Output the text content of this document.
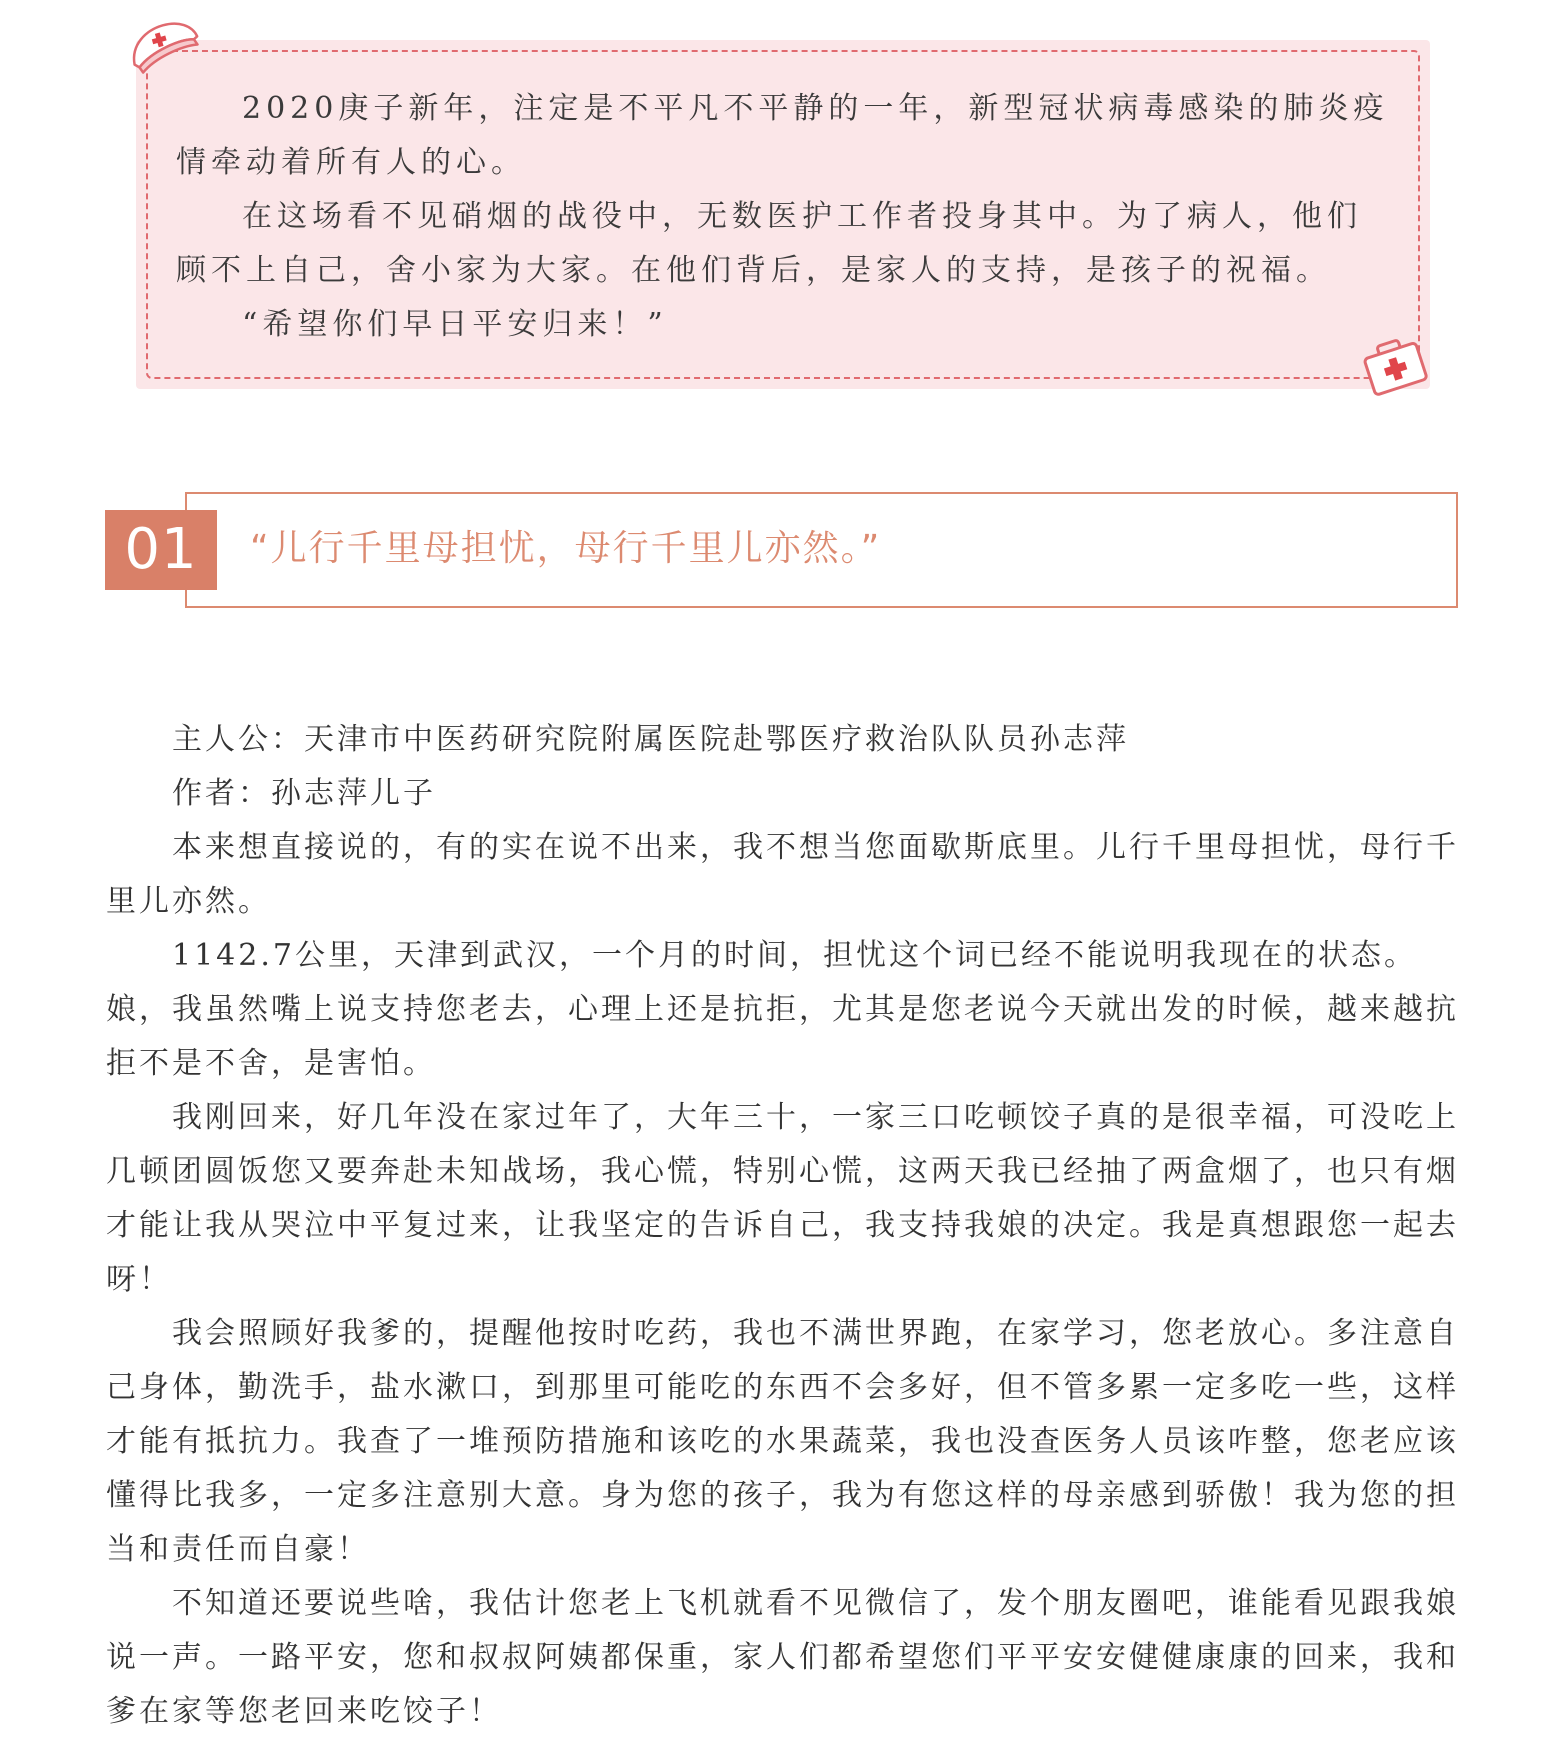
2020庚子新年，注定是不平凡不平静的一年，新型冠状病毒感染的肺炎疫情牵动着所有人的心。

在这场看不见硝烟的战役中，无数医护工作者投身其中。为了病人，他们顾不上自己，舍小家为大家。在他们背后，是家人的支持，是孩子的祝福。

“希望你们早日平安归来！”

01	“儿行千里母担忧，母行千里儿亦然。”

主人公：天津市中医药研究院附属医院赴鄂医疗救治队队员孙志萍

作者：孙志萍儿子

本来想直接说的，有的实在说不出来，我不想当您面歇斯底里。儿行千里母担忧，母行千里儿亦然。

1142.7公里，天津到武汉，一个月的时间，担忧这个词已经不能说明我现在的状态。娘，我虽然嘴上说支持您老去，心理上还是抗拒，尤其是您老说今天就出发的时候，越来越抗拒不是不舍，是害怕。

我刚回来，好几年没在家过年了，大年三十，一家三口吃顿饺子真的是很幸福，可没吃上几顿团圆饭您又要奔赴未知战场，我心慌，特别心慌，这两天我已经抽了两盒烟了，也只有烟才能让我从哭泣中平复过来，让我坚定的告诉自己，我支持我娘的决定。我是真想跟您一起去呀！

我会照顾好我爹的，提醒他按时吃药，我也不满世界跑，在家学习，您老放心。多注意自己身体，勤洗手，盐水漱口，到那里可能吃的东西不会多好，但不管多累一定多吃一些，这样才能有抵抗力。我查了一堆预防措施和该吃的水果蔬菜，我也没查医务人员该咋整，您老应该懂得比我多，一定多注意别大意。身为您的孩子，我为有您这样的母亲感到骄傲！我为您的担当和责任而自豪！

不知道还要说些啥，我估计您老上飞机就看不见微信了，发个朋友圈吧，谁能看见跟我娘说一声。一路平安，您和叔叔阿姨都保重，家人们都希望您们平平安安健健康康的回来，我和爹在家等您老回来吃饺子！
